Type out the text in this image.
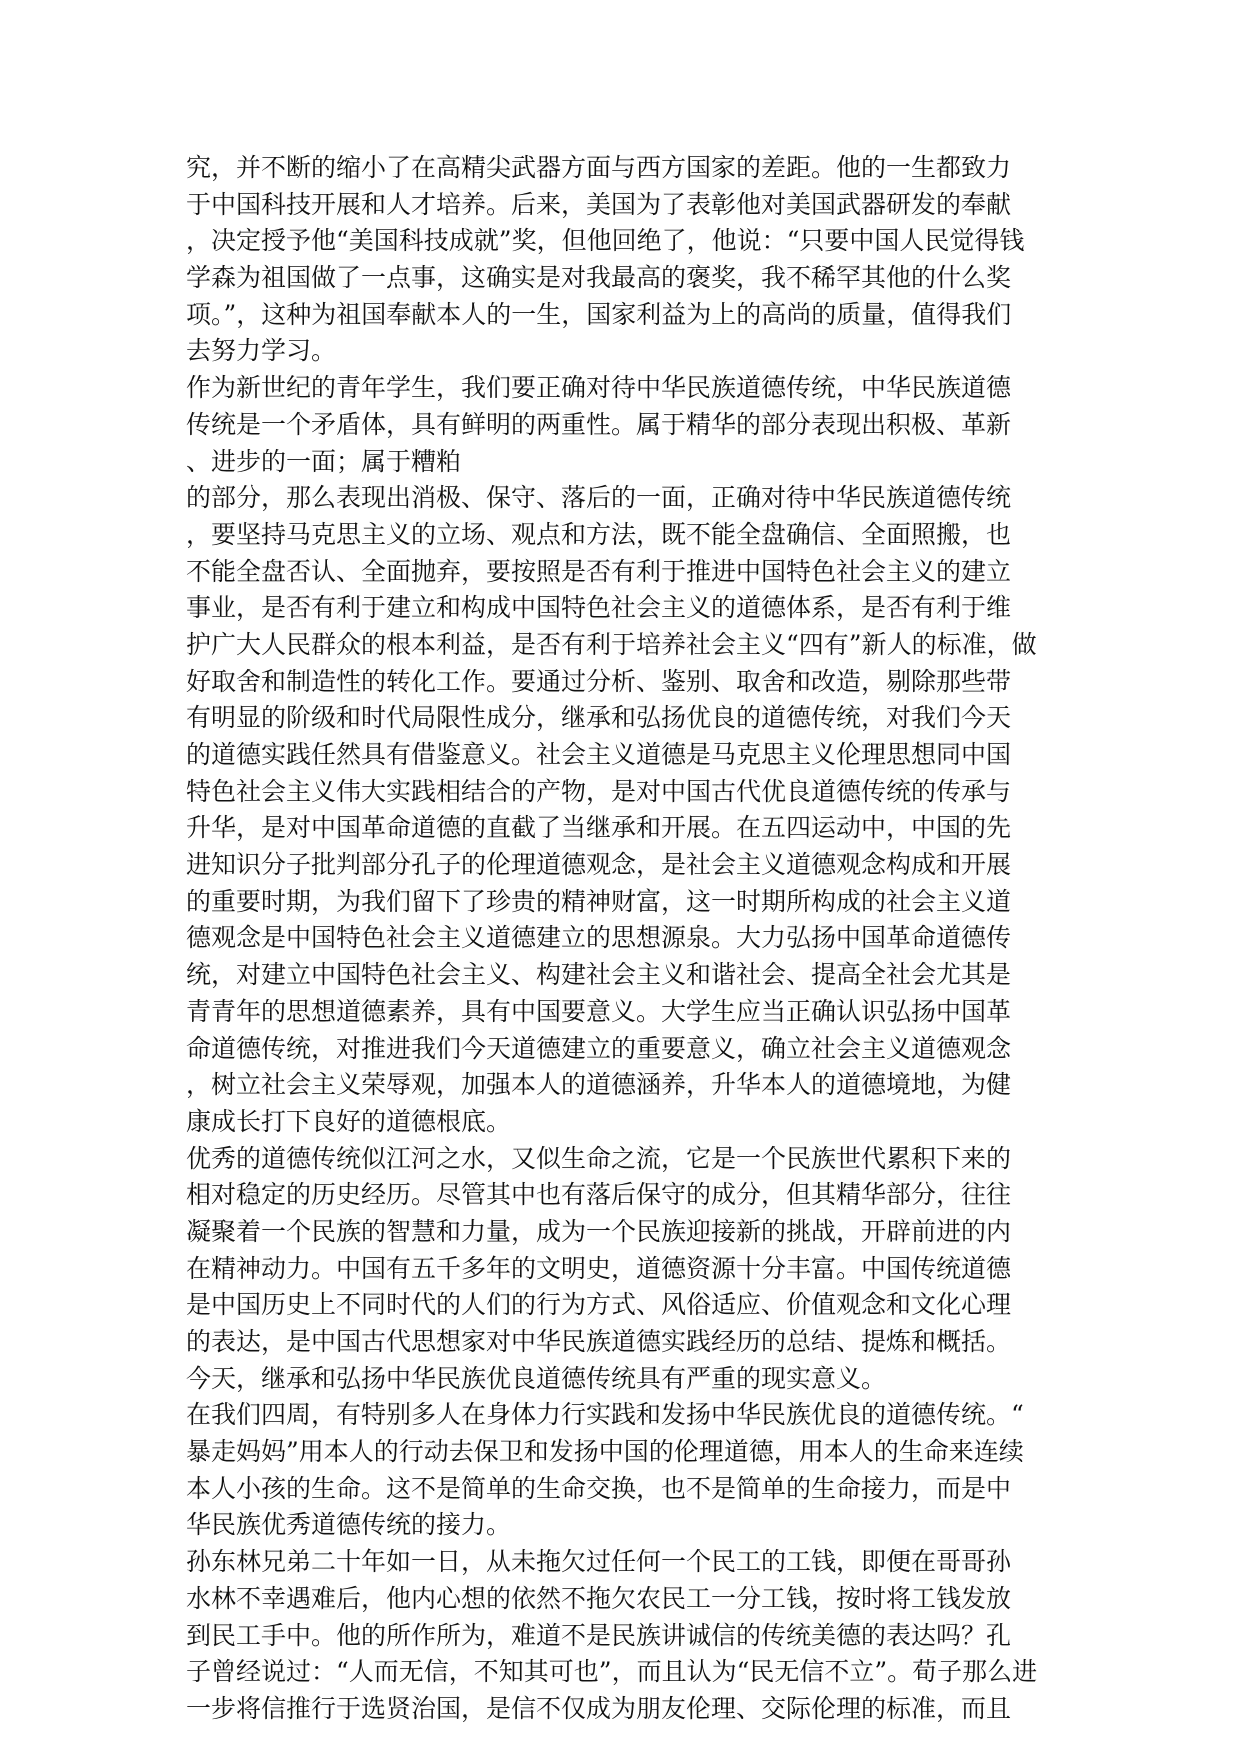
究，并不断的缩小了在高精尖武器方面与西方国家的差距。他的一生都致力
于中国科技开展和人才培养。后来，美国为了表彰他对美国武器研发的奉献
，决定授予他“美国科技成就”奖，但他回绝了，他说：“只要中国人民觉得钱
学森为祖国做了一点事，这确实是对我最高的褒奖，我不稀罕其他的什么奖
项。”，这种为祖国奉献本人的一生，国家利益为上的高尚的质量，值得我们
去努力学习。
作为新世纪的青年学生，我们要正确对待中华民族道德传统，中华民族道德
传统是一个矛盾体，具有鲜明的两重性。属于精华的部分表现出积极、革新
、进步的一面；属于糟粕
的部分，那么表现出消极、保守、落后的一面，正确对待中华民族道德传统
，要坚持马克思主义的立场、观点和方法，既不能全盘确信、全面照搬，也
不能全盘否认、全面抛弃，要按照是否有利于推进中国特色社会主义的建立
事业，是否有利于建立和构成中国特色社会主义的道德体系，是否有利于维
护广大人民群众的根本利益，是否有利于培养社会主义“四有”新人的标准，做
好取舍和制造性的转化工作。要通过分析、鉴别、取舍和改造，剔除那些带
有明显的阶级和时代局限性成分，继承和弘扬优良的道德传统，对我们今天
的道德实践任然具有借鉴意义。社会主义道德是马克思主义伦理思想同中国
特色社会主义伟大实践相结合的产物，是对中国古代优良道德传统的传承与
升华，是对中国革命道德的直截了当继承和开展。在五四运动中，中国的先
进知识分子批判部分孔子的伦理道德观念，是社会主义道德观念构成和开展
的重要时期，为我们留下了珍贵的精神财富，这一时期所构成的社会主义道
德观念是中国特色社会主义道德建立的思想源泉。大力弘扬中国革命道德传
统，对建立中国特色社会主义、构建社会主义和谐社会、提高全社会尤其是
青青年的思想道德素养，具有中国要意义。大学生应当正确认识弘扬中国革
命道德传统，对推进我们今天道德建立的重要意义，确立社会主义道德观念
，树立社会主义荣辱观，加强本人的道德涵养，升华本人的道德境地，为健
康成长打下良好的道德根底。
优秀的道德传统似江河之水，又似生命之流，它是一个民族世代累积下来的
相对稳定的历史经历。尽管其中也有落后保守的成分，但其精华部分，往往
凝聚着一个民族的智慧和力量，成为一个民族迎接新的挑战，开辟前进的内
在精神动力。中国有五千多年的文明史，道德资源十分丰富。中国传统道德
是中国历史上不同时代的人们的行为方式、风俗适应、价值观念和文化心理
的表达，是中国古代思想家对中华民族道德实践经历的总结、提炼和概括。
今天，继承和弘扬中华民族优良道德传统具有严重的现实意义。
在我们四周，有特别多人在身体力行实践和发扬中华民族优良的道德传统。“
暴走妈妈”用本人的行动去保卫和发扬中国的伦理道德，用本人的生命来连续
本人小孩的生命。这不是简单的生命交换，也不是简单的生命接力，而是中
华民族优秀道德传统的接力。
孙东林兄弟二十年如一日，从未拖欠过任何一个民工的工钱，即便在哥哥孙
水林不幸遇难后，他内心想的依然不拖欠农民工一分工钱，按时将工钱发放
到民工手中。他的所作所为，难道不是民族讲诚信的传统美德的表达吗？孔
子曾经说过：“人而无信，不知其可也”，而且认为“民无信不立”。荀子那么进
一步将信推行于选贤治国，是信不仅成为朋友伦理、交际伦理的标准，而且
